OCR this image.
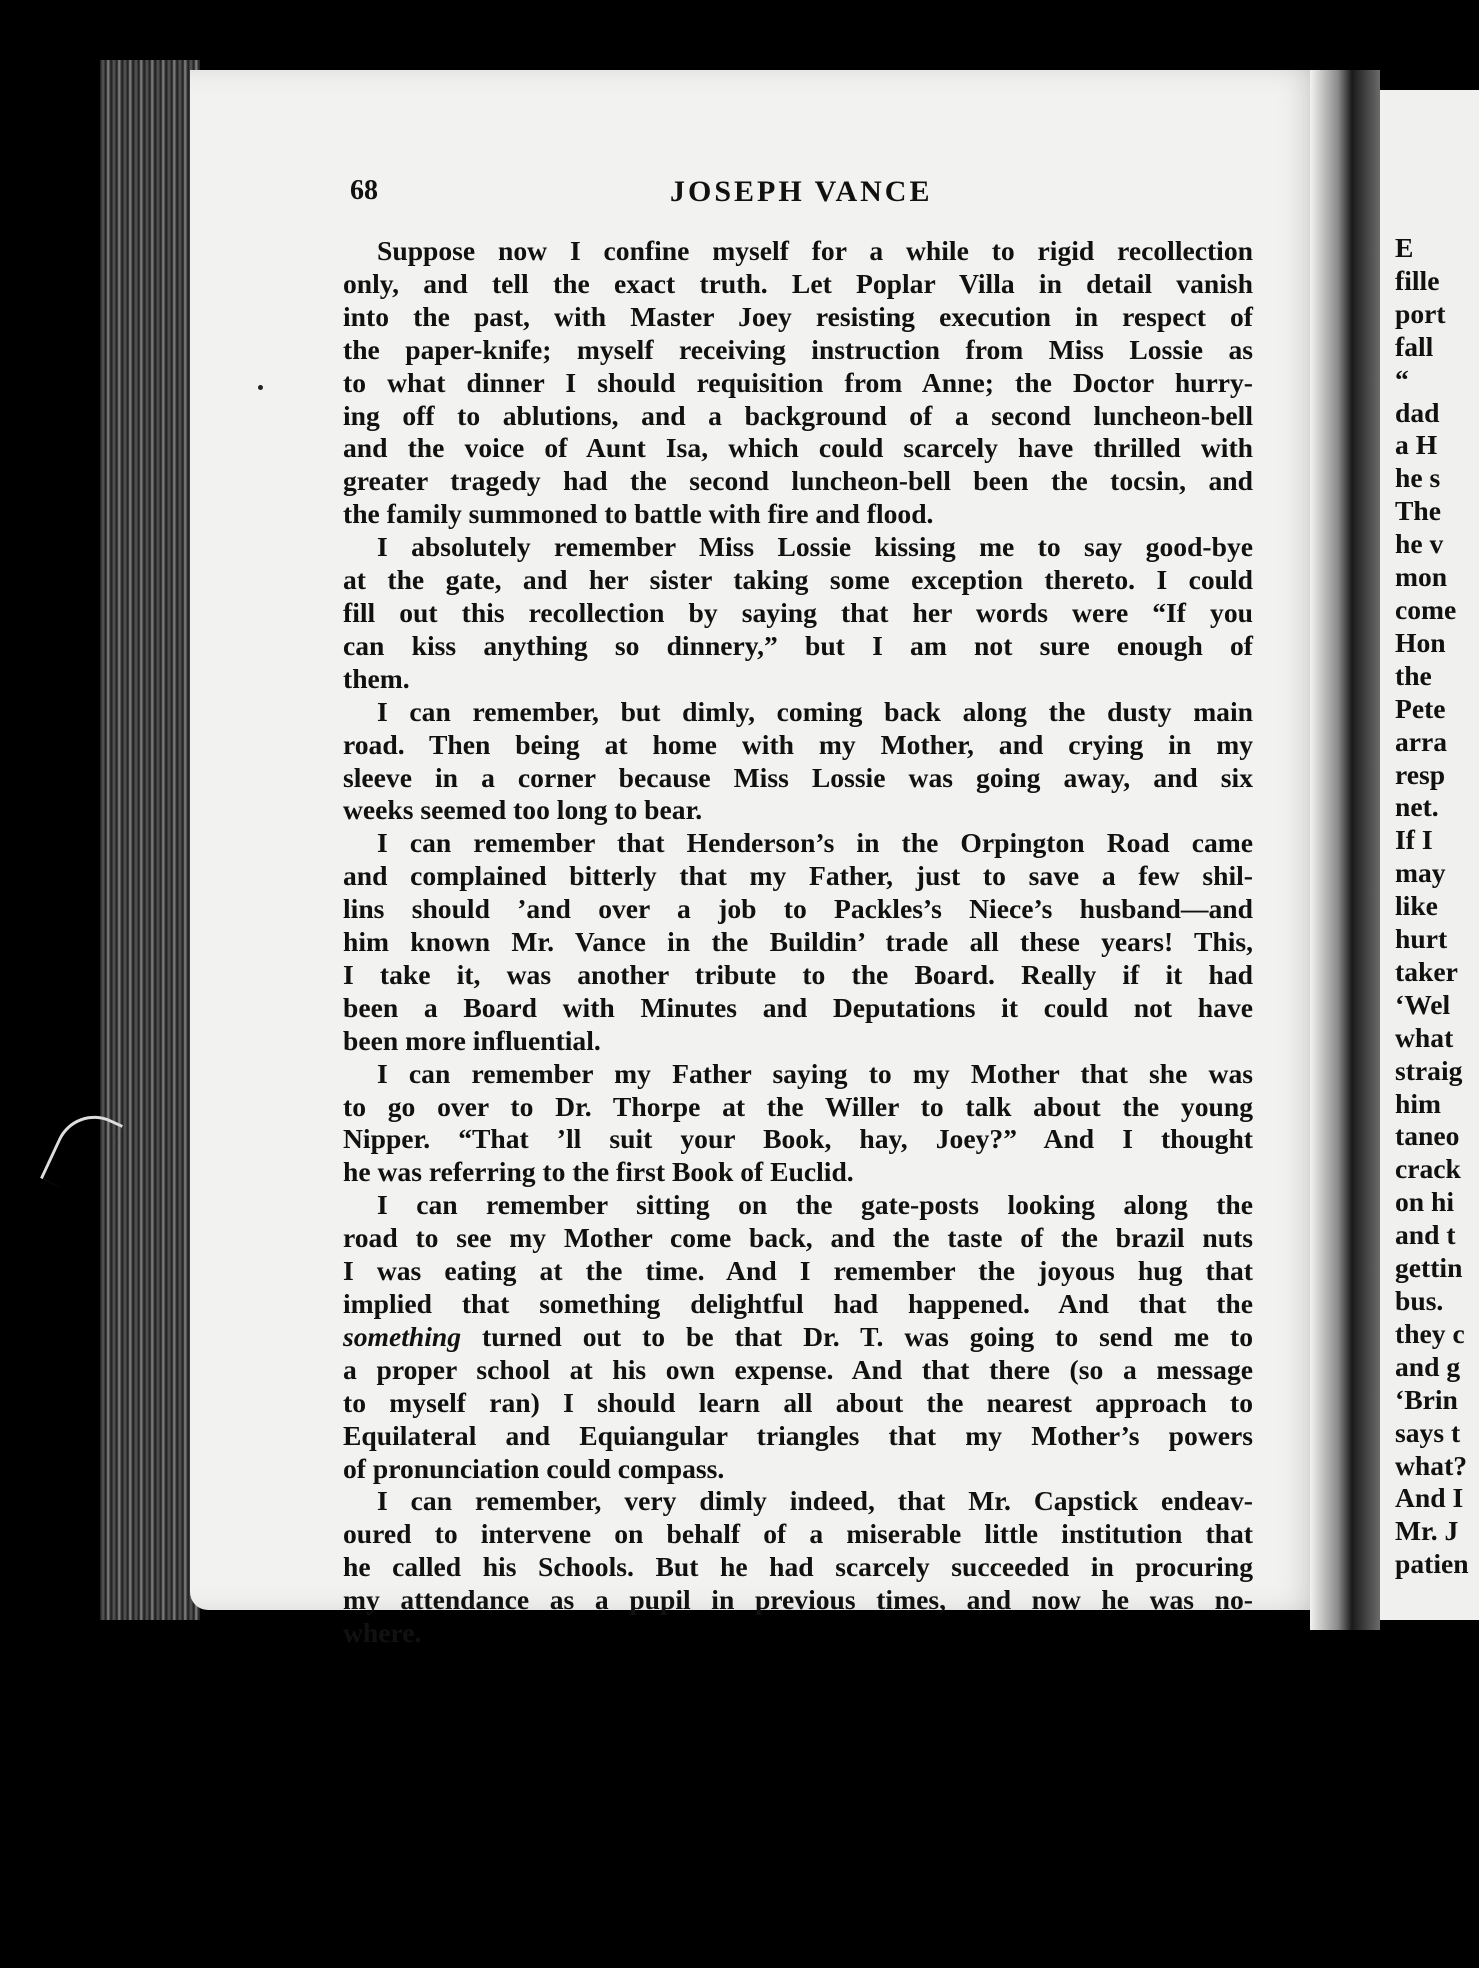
68	JOSEPH VANCE
Suppose now I confine myself for a while to rigid recollection
only, and tell the exact truth. Let Poplar Villa in detail vanish
into the past, with Master Joey resisting execution in respect of
the paper-knife; myself receiving instruction from Miss Lossie as
to what dinner I should requisition from Anne; the Doctor hurry-
ing off to ablutions, and a background of a second luncheon-bell
and the voice of Aunt Isa, which could scarcely have thrilled with
greater tragedy had the second luncheon-bell been the tocsin, and
the family summoned to battle with fire and flood.
I absolutely remember Miss Lossie kissing me to say good-bye
at the gate, and her sister taking some exception thereto. I could
fill out this recollection by saying that her words were “If you
can kiss anything so dinnery,” but I am not sure enough of
them.
I can remember, but dimly, coming back along the dusty main
road. Then being at home with my Mother, and crying in my
sleeve in a corner because Miss Lossie was going away, and six
weeks seemed too long to bear.
I can remember that Henderson’s in the Orpington Road came
and complained bitterly that my Father, just to save a few shil-
lins should ’and over a job to Packles’s Niece’s husband—and
him known Mr. Vance in the Buildin’ trade all these years! This,
I take it, was another tribute to the Board. Really if it had
been a Board with Minutes and Deputations it could not have
been more influential.
I can remember my Father saying to my Mother that she was
to go over to Dr. Thorpe at the Willer to talk about the young
Nipper. “That ’ll suit your Book, hay, Joey?” And I thought
he was referring to the first Book of Euclid.
I can remember sitting on the gate-posts looking along the
road to see my Mother come back, and the taste of the brazil nuts
I was eating at the time. And I remember the joyous hug that
implied that something delightful had happened. And that the
something turned out to be that Dr. T. was going to send me to
a proper school at his own expense. And that there (so a message
to myself ran) I should learn all about the nearest approach to
Equilateral and Equiangular triangles that my Mother’s powers
of pronunciation could compass.
I can remember, very dimly indeed, that Mr. Capstick endeav-
oured to intervene on behalf of a miserable little institution that
he called his Schools. But he had scarcely succeeded in procuring
my attendance as a pupil in previous times, and now he was no-
where.
E
fille
port
fall
“
dad
a H
he s
The
he v
mon
come
Hon
the
Pete
arra
resp
net.
If I
may
like
hurt
taker
‘Wel
what
straig
him
taneo
crack
on hi
and t
gettin
bus.
they c
and g
‘Brin
says t
what?
And I
Mr. J
patien
